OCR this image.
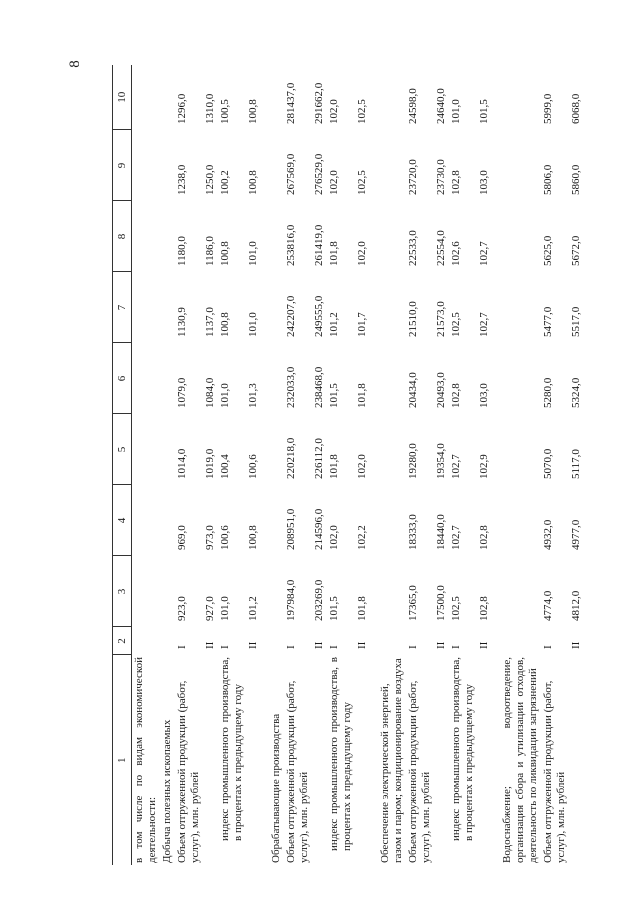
8
1	2	3	4	5	6	7	8	9	10
в том числе по видам экономической деятельности:									
Добыча полезных ископаемых									
Объем отгруженной продукции (работ, услуг), млн. рублей	I	923,0	969,0	1014,0	1079,0	1130,9	1180,0	1238,0	1296,0
	II	927,0	973,0	1019,0	1084,0	1137,0	1186,0	1250,0	1310,0
индекс промышленного производства, в процентах к предыдущему году	I	101,0	100,6	100,4	101,0	100,8	100,8	100,2	100,5
	II	101,2	100,8	100,6	101,3	101,0	101,0	100,8	100,8

Обрабатывающие производства									
Объем отгруженной продукции (работ, услуг), млн. рублей	I	197984,0	208951,0	220218,0	232033,0	242207,0	253816,0	267569,0	281437,0
	II	203269,0	214596,0	226112,0	238468,0	249555,0	261419,0	276529,0	291662,0
индекс промышленного производства, в процентах к предыдущему году	I	101,5	102,0	101,8	101,5	101,2	101,8	102,0	102,0
	II	101,8	102,2	102,0	101,8	101,7	102,0	102,5	102,5

Обеспечение электрической энергией, газом и паром; кондиционирование воздуха									
Объем отгруженной продукции (работ, услуг), млн. рублей	I	17365,0	18333,0	19280,0	20434,0	21510,0	22533,0	23720,0	24598,0
	II	17500,0	18440,0	19354,0	20493,0	21573,0	22554,0	23730,0	24640,0
индекс промышленного производства, в процентах к предыдущему году	I	102,5	102,7	102,7	102,8	102,5	102,6	102,8	101,0
	II	102,8	102,8	102,9	103,0	102,7	102,7	103,0	101,5

Водоснабжение; водоотведение, организация сбора и утилизации отходов, деятельность по ликвидации загрязнений									
Объем отгруженной продукции (работ, услуг), млн. рублей	I	4774,0	4932,0	5070,0	5280,0	5477,0	5625,0	5806,0	5999,0
	II	4812,0	4977,0	5117,0	5324,0	5517,0	5672,0	5860,0	6068,0
